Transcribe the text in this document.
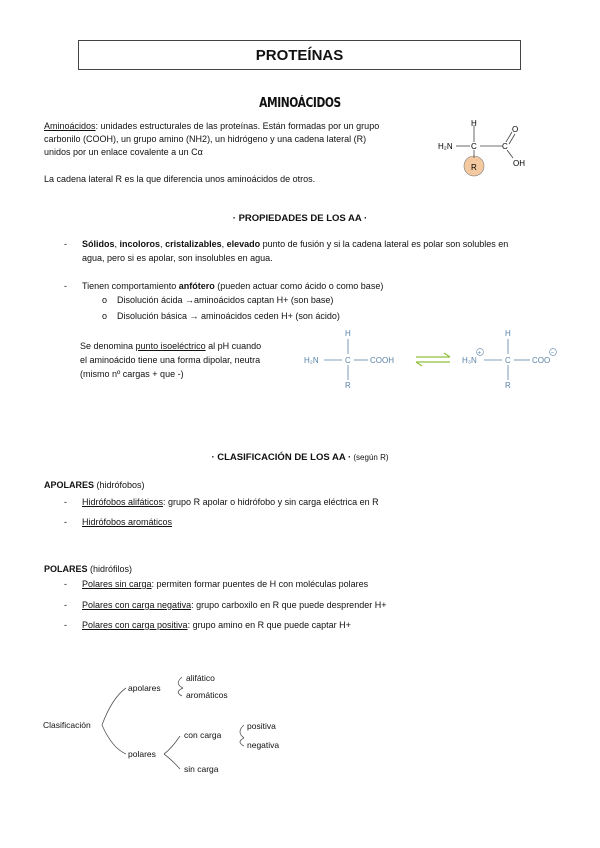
PROTEÍNAS
AMINOÁCIDOS
Aminoácidos: unidades estructurales de las proteínas. Están formadas por un grupo
carbonilo (COOH), un grupo amino (NH2), un hidrógeno y una cadena lateral (R)
unidos por un enlace covalente a un Cα
La cadena lateral R es la que diferencia unos aminoácidos de otros.
H
H₂N C	C
O
OH
R
· PROPIEDADES DE LOS AA ·
- Sólidos, incoloros, cristalizables, elevado punto de fusión y si la cadena lateral es polar son solubles en
agua, pero si es apolar, son insolubles en agua.
- Tienen comportamiento anfótero (pueden actuar como ácido o como base)
o Disolución ácida →aminoácidos captan H+ (son base)
o Disolución básica → aminoácidos ceden H+ (son ácido)
Se denomina punto isoeléctrico al pH cuando
el aminoácido tiene una forma dipolar, neutra
(mismo nº cargas + que -)
H
H₂N	C COOH
R
H
H₃N	C	COO
R
+	−
· CLASIFICACIÓN DE LOS AA · (según R)
APOLARES (hidrófobos)
- Hidrófobos alifáticos: grupo R apolar o hidrófobo y sin carga eléctrica en R
- Hidrófobos aromáticos
POLARES (hidrófilos)
- Polares sin carga: permiten formar puentes de H con moléculas polares
- Polares con carga negativa: grupo carboxilo en R que puede desprender H+
- Polares con carga positiva: grupo amino en R que puede captar H+
Clasificación
apolares
alifático
aromáticos
polares
con carga
positiva
negativa
sin carga
